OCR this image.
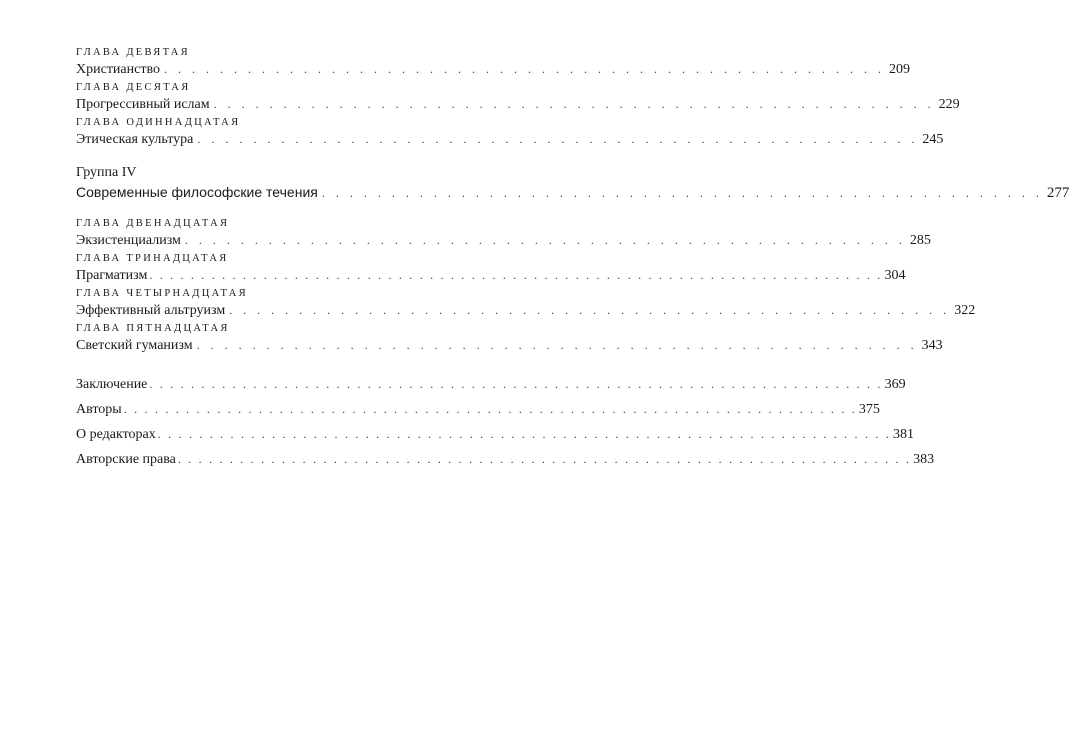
ГЛАВА ДЕВЯТАЯ
Христианство . . . . . . . . . . . . . . . . . . . . . . . . . . . . . . . . . . . . . . . . . . . . . . . . . . . . 209
ГЛАВА ДЕСЯТАЯ
Прогрессивный ислам . . . . . . . . . . . . . . . . . . . . . . . . . . . . . . . . . . . . . . . . . . . . . . . . . . . . 229
ГЛАВА ОДИННАДЦАТАЯ
Этическая культура . . . . . . . . . . . . . . . . . . . . . . . . . . . . . . . . . . . . . . . . . . . . . . . . . . . . 245
Группа IV
Современные философские течения . . . . . . . . . . . . . . . . . . . . . . . . . . . . . . . . . . . . . . . . . . . . . . . . . . . . 277
ГЛАВА ДВЕНАДЦАТАЯ
Экзистенциализм . . . . . . . . . . . . . . . . . . . . . . . . . . . . . . . . . . . . . . . . . . . . . . . . . . . . 285
ГЛАВА ТРИНАДЦАТАЯ
Прагматизм . . . . . . . . . . . . . . . . . . . . . . . . . . . . . . . . . . . . . . . . . . . . . . . . . . . . . . . . . . . . . . . . . . . . . . . 304
ГЛАВА ЧЕТЫРНАДЦАТАЯ
Эффективный альтруизм . . . . . . . . . . . . . . . . . . . . . . . . . . . . . . . . . . . . . . . . . . . . . . . . . . . . 322
ГЛАВА ПЯТНАДЦАТАЯ
Светский гуманизм . . . . . . . . . . . . . . . . . . . . . . . . . . . . . . . . . . . . . . . . . . . . . . . . . . . . 343
Заключение . . . . . . . . . . . . . . . . . . . . . . . . . . . . . . . . . . . . . . . . . . . . . . . . . . . . . . . . . . . . . . . . . . . . . . . 369
Авторы . . . . . . . . . . . . . . . . . . . . . . . . . . . . . . . . . . . . . . . . . . . . . . . . . . . . . . . . . . . . . . . . . . . . . . . 375
О редакторах . . . . . . . . . . . . . . . . . . . . . . . . . . . . . . . . . . . . . . . . . . . . . . . . . . . . . . . . . . . . . . . . . . . . . . . 381
Авторские права . . . . . . . . . . . . . . . . . . . . . . . . . . . . . . . . . . . . . . . . . . . . . . . . . . . . . . . . . . . . . . . . . . . . . . . 383
